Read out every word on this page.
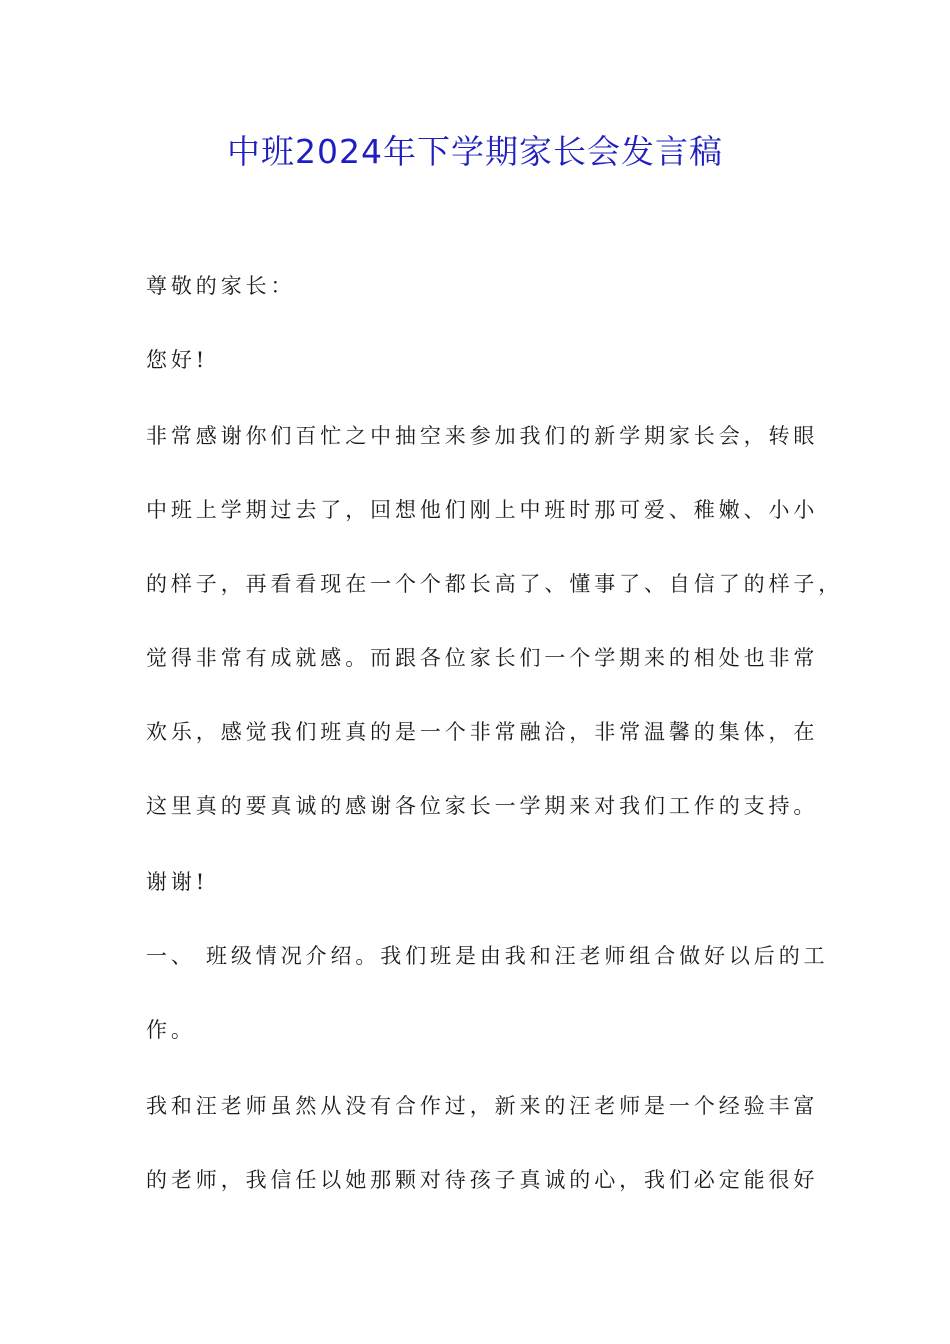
中班2024年下学期家长会发言稿
尊敬的家长：
您好!
非常感谢你们百忙之中抽空来参加我们的新学期家长会，转眼
中班上学期过去了，回想他们刚上中班时那可爱、稚嫩、小小
的样子，再看看现在一个个都长高了、懂事了、自信了的样子，
觉得非常有成就感。而跟各位家长们一个学期来的相处也非常
欢乐，感觉我们班真的是一个非常融洽，非常温馨的集体，在
这里真的要真诚的感谢各位家长一学期来对我们工作的支持。
谢谢!
一、 班级情况介绍。我们班是由我和汪老师组合做好以后的工
作。
我和汪老师虽然从没有合作过，新来的汪老师是一个经验丰富
的老师，我信任以她那颗对待孩子真诚的心，我们必定能很好
